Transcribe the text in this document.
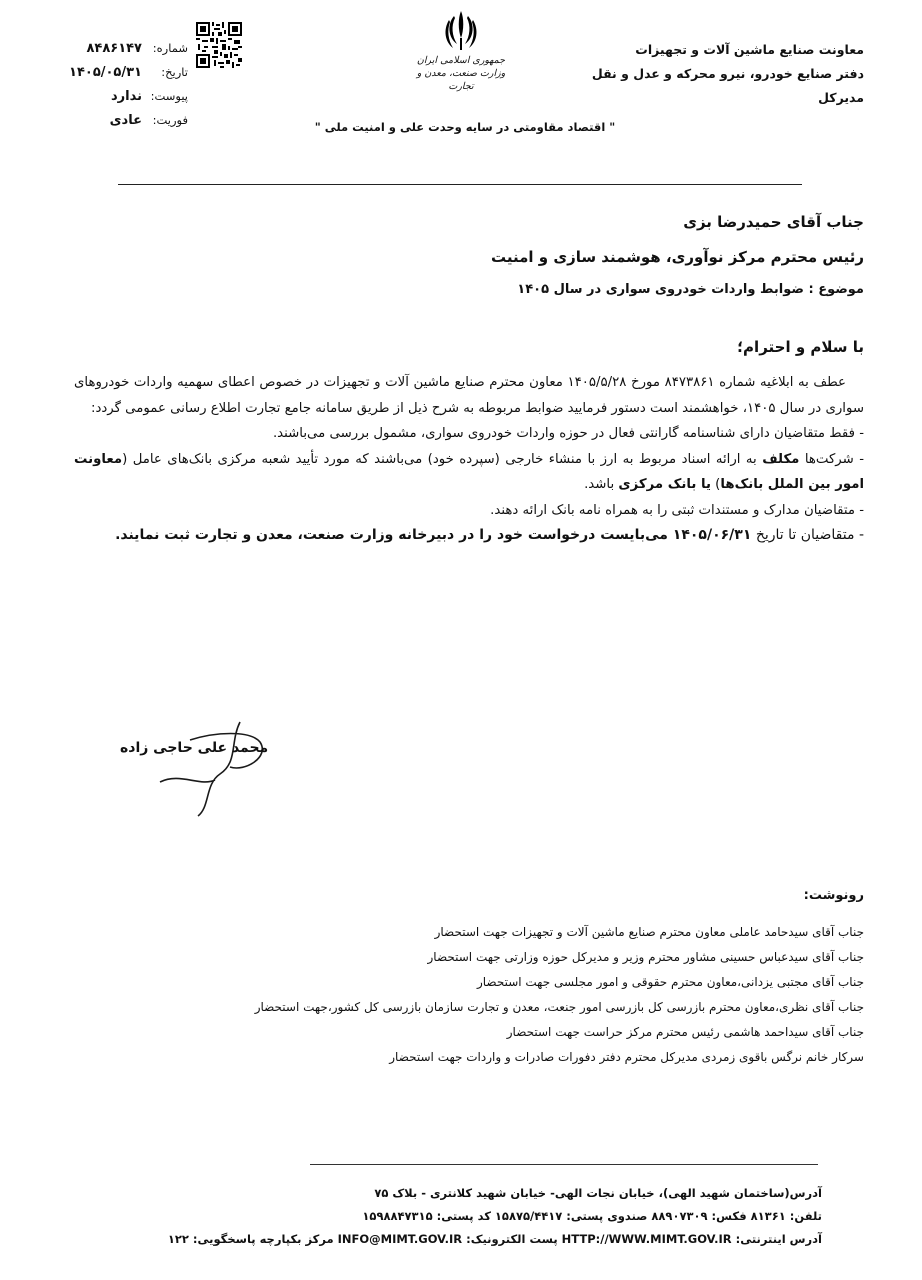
معاونت صنایع ماشین آلات و تجهیزات
دفتر صنایع خودرو، نیرو محرکه و عدل و نقل
مدیرکل
جمهوری اسلامی ایران
وزارت صنعت، معدن و تجارت
" اقتصاد مقاومتی در سایه وحدت علی و امنیت ملی "
شماره:۸۴۸۶۱۴۷
تاریخ:۱۴۰۵/۰۵/۳۱
پیوست:ندارد
فوریت:عادی
جناب آقای حمیدرضا بزی
رئیس محترم مرکز نوآوری، هوشمند سازی و امنیت
موضوع : ضوابط واردات خودروی سواری در سال ۱۴۰۵
با سلام و احترام؛

عطف به ابلاغیه شماره ۸۴۷۳۸۶۱ مورخ ۱۴۰۵/۵/۲۸ معاون محترم صنایع ماشین آلات و تجهیزات در خصوص اعطای سهمیه واردات خودروهای سواری در سال ۱۴۰۵، خواهشمند است دستور فرمایید ضوابط مربوطه به شرح ذیل از طریق سامانه جامع تجارت اطلاع رسانی عمومی گردد:

- فقط متقاضیان دارای شناسنامه گارانتی فعال در حوزه واردات خودروی سواری، مشمول بررسی می‌باشند.

- شرکت‌ها مکلف به ارائه اسناد مربوط به ارز با منشاء خارجی (سپرده خود) می‌باشند که مورد تأیید شعبه مرکزی بانک‌های عامل (معاونت امور بین الملل بانک‌ها) یا بانک مرکزی باشد.

- متقاضیان مدارک و مستندات ثبتی را به همراه نامه بانک ارائه دهند.

- متقاضیان تا تاریخ ۱۴۰۵/۰۶/۳۱ می‌بایست درخواست خود را در دبیرخانه وزارت صنعت، معدن و تجارت ثبت نمایند.

محمد علی حاجی زاده
رونوشت:
جناب آقای سیدحامد عاملی معاون محترم صنایع ماشین آلات و تجهیزات جهت استحضار
جناب آقای سیدعباس حسینی مشاور محترم وزیر و مدیرکل حوزه وزارتی جهت استحضار
جناب آقای مجتبی یزدانی،معاون محترم حقوقی و امور مجلسی جهت استحضار
جناب آقای نظری،معاون محترم بازرسی کل بازرسی امور جنعت، معدن و تجارت سازمان بازرسی کل کشور،جهت استحضار
جناب آقای سیداحمد هاشمی رئیس محترم مرکز حراست جهت استحضار
سرکار خانم نرگس باقوی زمردی مدیرکل محترم دفتر دفورات صادرات و واردات جهت استحضار
آدرس(ساختمان شهید الهی)، خیابان نجات الهی- خیابان شهید کلانتری - بلاک ۷۵
تلفن: ۸۱۳۶۱ فکس: ۸۸۹۰۷۳۰۹ صندوی پستی: ۱۵۸۷۵/۴۴۱۷ کد پستی: ۱۵۹۸۸۴۷۳۱۵
آدرس اینترنتی: HTTP://WWW.MIMT.GOV.IR پست الکترونیک: INFO@MIMT.GOV.IR مرکز بکپارچه پاسخگویی: ۱۲۲
